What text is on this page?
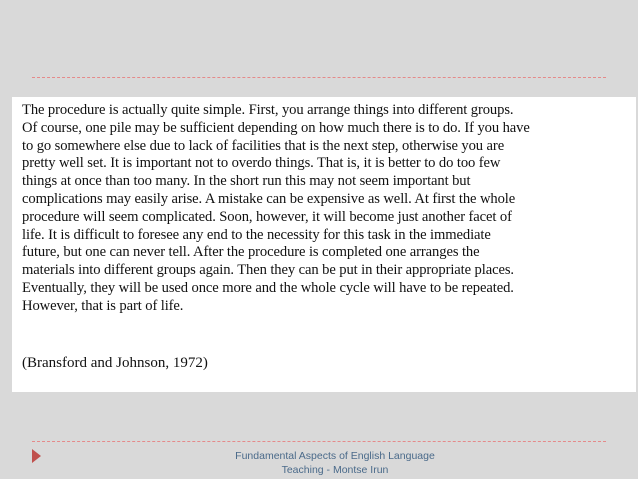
The procedure is actually quite simple. First, you arrange things into different groups.
Of course, one pile may be sufficient depending on how much there is to do. If you have
to go somewhere else due to lack of facilities that is the next step, otherwise you are
pretty well set. It is important not to overdo things. That is, it is better to do too few
things at once than too many. In the short run this may not seem important but
complications may easily arise. A mistake can be expensive as well. At first the whole
procedure will seem complicated. Soon, however, it will become just another facet of
life. It is difficult to foresee any end to the necessity for this task in the immediate
future, but one can never tell. After the procedure is completed one arranges the
materials into different groups again. Then they can be put in their appropriate places.
Eventually, they will be used once more and the whole cycle will have to be repeated.
However, that is part of life.
(Bransford and Johnson, 1972)
Fundamental Aspects of English Language
Teaching - Montse Irun
